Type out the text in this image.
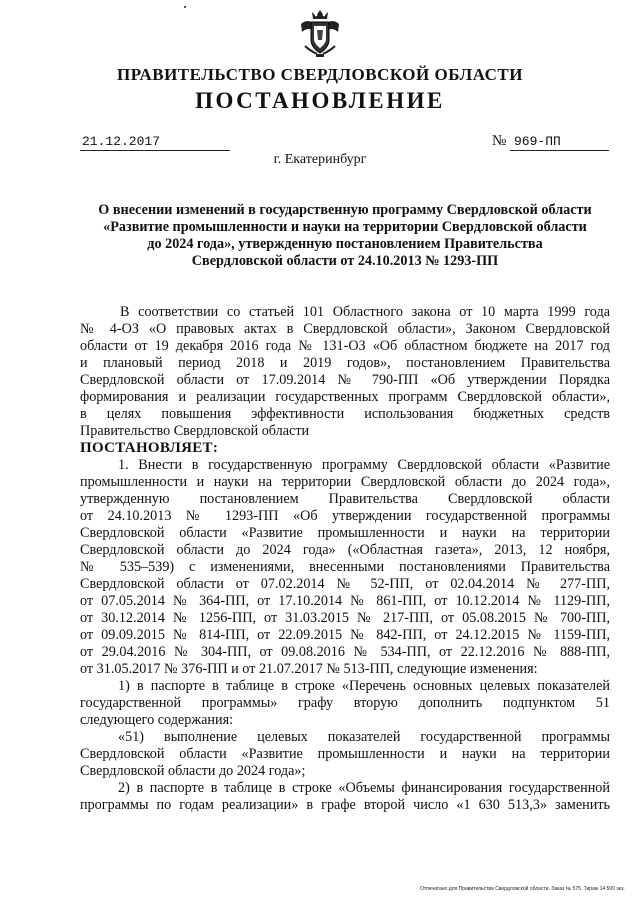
ПРАВИТЕЛЬСТВО СВЕРДЛОВСКОЙ ОБЛАСТИ
ПОСТАНОВЛЕНИЕ
21.12.2017	№ 969-ПП
г. Екатеринбург
О внесении изменений в государственную программу Свердловской области
«Развитие промышленности и науки на территории Свердловской области
до 2024 года», утвержденную постановлением Правительства
Свердловской области от 24.10.2013 № 1293-ПП
В соответствии со статьей 101 Областного закона от 10 марта 1999 года
№ 4-ОЗ «О правовых актах в Свердловской области», Законом Свердловской
области от 19 декабря 2016 года № 131-ОЗ «Об областном бюджете на 2017 год
и плановый период 2018 и 2019 годов», постановлением Правительства
Свердловской области от 17.09.2014 № 790-ПП «Об утверждении Порядка
формирования и реализации государственных программ Свердловской области»,
в целях повышения эффективности использования бюджетных средств
Правительство Свердловской области
ПОСТАНОВЛЯЕТ:
1. Внести в государственную программу Свердловской области «Развитие
промышленности и науки на территории Свердловской области до 2024 года»,
утвержденную постановлением Правительства Свердловской области
от 24.10.2013 № 1293-ПП «Об утверждении государственной программы
Свердловской области «Развитие промышленности и науки на территории
Свердловской области до 2024 года» («Областная газета», 2013, 12 ноября,
№ 535–539) с изменениями, внесенными постановлениями Правительства
Свердловской области от 07.02.2014 № 52-ПП, от 02.04.2014 № 277-ПП,
от 07.05.2014 № 364-ПП, от 17.10.2014 № 861-ПП, от 10.12.2014 № 1129-ПП,
от 30.12.2014 № 1256-ПП, от 31.03.2015 № 217-ПП, от 05.08.2015 № 700-ПП,
от 09.09.2015 № 814-ПП, от 22.09.2015 № 842-ПП, от 24.12.2015 № 1159-ПП,
от 29.04.2016 № 304-ПП, от 09.08.2016 № 534-ПП, от 22.12.2016 № 888-ПП,
от 31.05.2017 № 376-ПП и от 21.07.2017 № 513-ПП, следующие изменения:
1) в паспорте в таблице в строке «Перечень основных целевых показателей
государственной программы» графу вторую дополнить подпунктом 51
следующего содержания:
«51) выполнение целевых показателей государственной программы
Свердловской области «Развитие промышленности и науки на территории
Свердловской области до 2024 года»;
2) в паспорте в таблице в строке «Объемы финансирования государственной
программы по годам реализации» в графе второй число «1 630 513,3» заменить
Отпечатано для Правительства Свердловской области. Заказ № 575. Тираж 14 500 экз.
